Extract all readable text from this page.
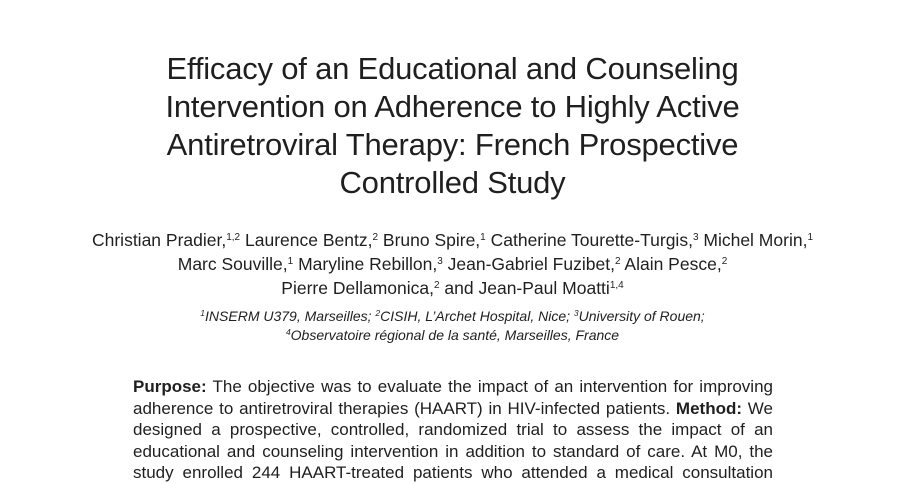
Efficacy of an Educational and Counseling
Intervention on Adherence to Highly Active
Antiretroviral Therapy: French Prospective
Controlled Study
Christian Pradier,$^{1,2}$ Laurence Bentz,$^2$ Bruno Spire,$^1$ Catherine Tourette-Turgis,$^3$ Michel Morin,$^1$
Marc Souville,$^1$ Maryline Rebillon,$^3$ Jean-Gabriel Fuzibet,$^2$ Alain Pesce,$^2$
Pierre Dellamonica,$^2$ and Jean-Paul Moatti$^{1,4}$
$^1$INSERM U379, Marseilles; $^2$CISIH, L’Archet Hospital, Nice; $^3$University of Rouen;
$^4$Observatoire régional de la santé, Marseilles, France
Purpose: The objective was to evaluate the impact of an intervention for improving
adherence to antiretroviral therapies (HAART) in HIV-infected patients. Method: We
designed a prospective, controlled, randomized trial to assess the impact of an
educational and counseling intervention in addition to standard of care. At M0, the
study enrolled 244 HAART-treated patients who attended a medical consultation
